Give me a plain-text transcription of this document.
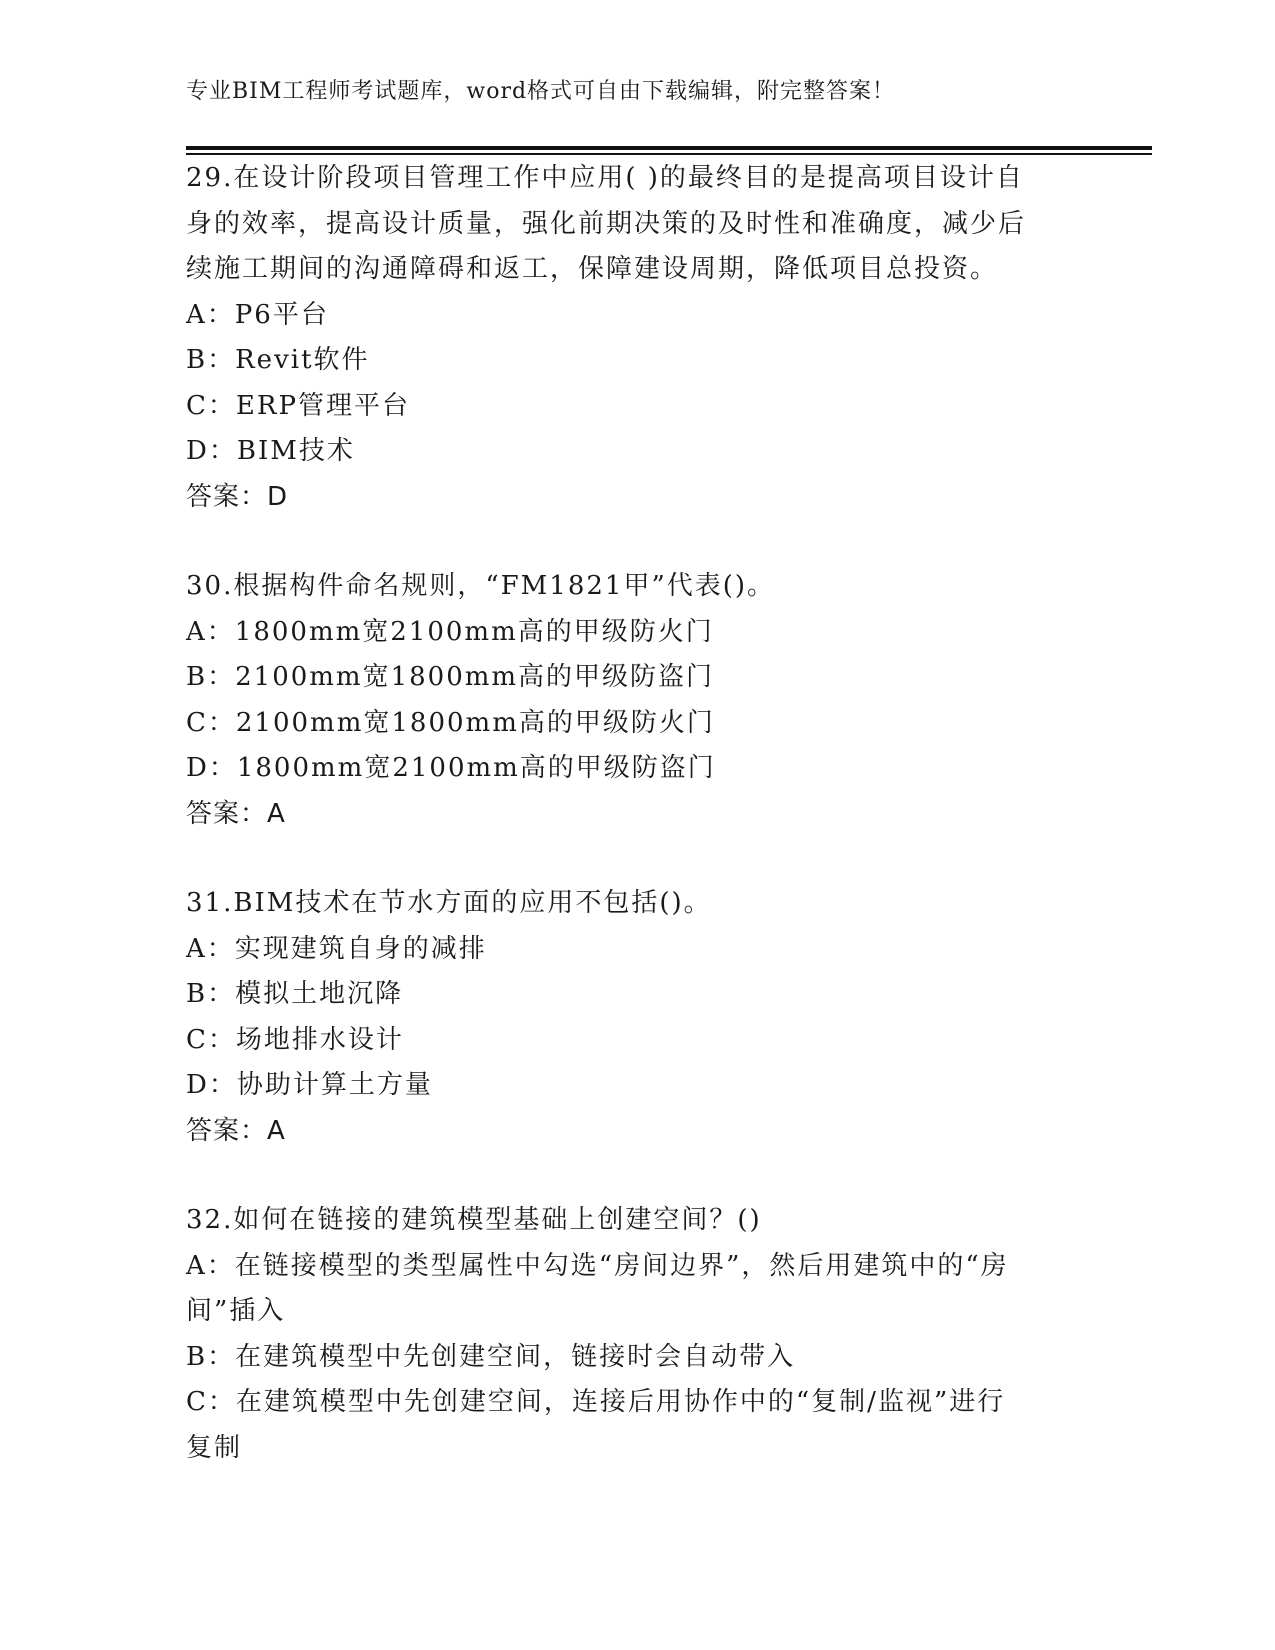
专业BIM工程师考试题库，word格式可自由下载编辑，附完整答案！
29.在设计阶段项目管理工作中应用( )的最终目的是提高项目设计自
身的效率，提高设计质量，强化前期决策的及时性和准确度，减少后
续施工期间的沟通障碍和返工，保障建设周期，降低项目总投资。
A：P6平台
B：Revit软件
C：ERP管理平台
D：BIM技术
答案：D
30.根据构件命名规则，“FM1821甲”代表()。
A：1800mm宽2100mm高的甲级防火门
B：2100mm宽1800mm高的甲级防盗门
C：2100mm宽1800mm高的甲级防火门
D：1800mm宽2100mm高的甲级防盗门
答案：A
31.BIM技术在节水方面的应用不包括()。
A：实现建筑自身的减排
B：模拟土地沉降
C：场地排水设计
D：协助计算土方量
答案：A
32.如何在链接的建筑模型基础上创建空间？()
A：在链接模型的类型属性中勾选“房间边界”，然后用建筑中的“房
间”插入
B：在建筑模型中先创建空间，链接时会自动带入
C：在建筑模型中先创建空间，连接后用协作中的“复制/监视”进行
复制
